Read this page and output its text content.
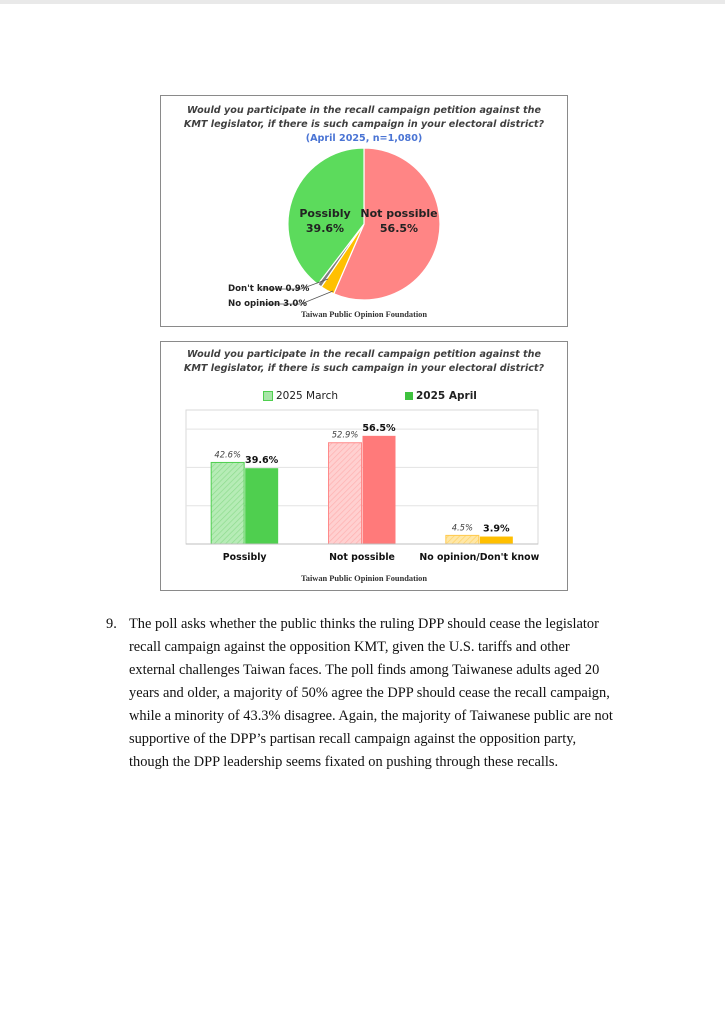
Would you participate in the recall campaign petition against the
KMT legislator, if there is such campaign in your electoral district?
(April 2025, n=1,080)
Not possible
56.5%
Possibly
39.6%
Don't know 0.9%
No opinion 3.0%
Taiwan Public Opinion Foundation
Would you participate in the recall campaign petition against the
KMT legislator, if there is such campaign in your electoral district?
2025 March	2025 April
42.6%
39.6%
52.9%
56.5%
4.5% 3.9%
Possibly	Not possible	No opinion/Don't know
Taiwan Public Opinion Foundation
9. The poll asks whether the public thinks the ruling DPP should cease the legislator recall campaign against the opposition KMT, given the U.S. tariffs and other external challenges Taiwan faces. The poll finds among Taiwanese adults aged 20 years and older, a majority of 50% agree the DPP should cease the recall campaign, while a minority of 43.3% disagree. Again, the majority of Taiwanese public are not supportive of the DPP’s partisan recall campaign against the opposition party, though the DPP leadership seems fixated on pushing through these recalls.
